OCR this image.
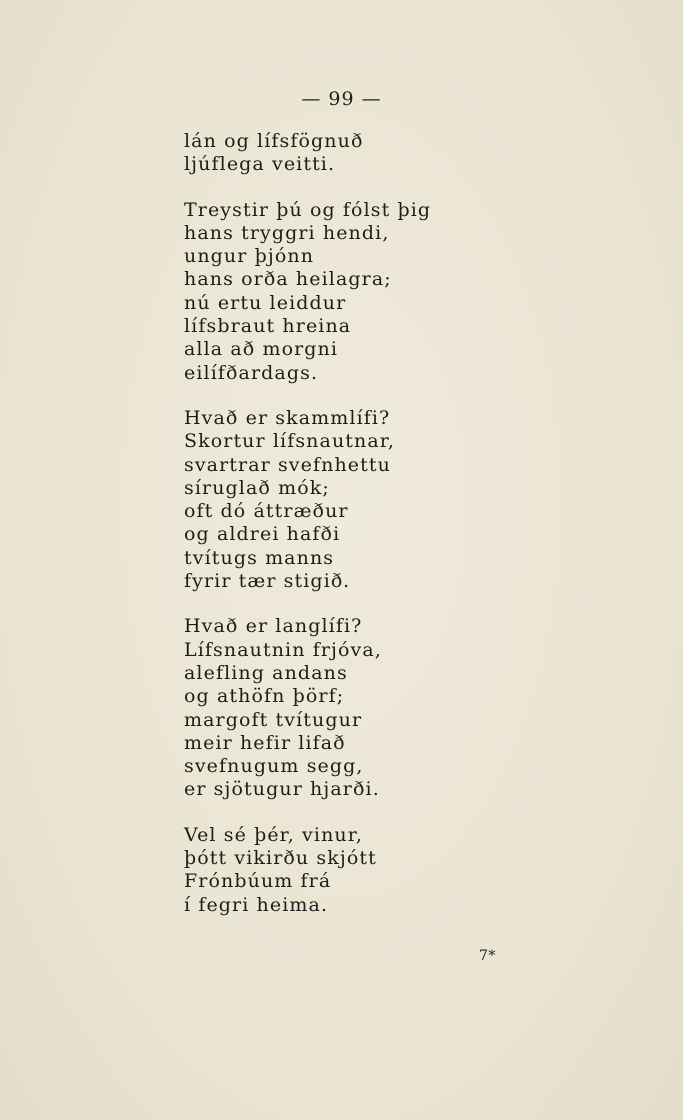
— 99 —
lán og lífsfögnuð
ljúflega veitti.
Treystir þú og fólst þig
hans tryggri hendi,
ungur þjónn
hans orða heilagra;
nú ertu leiddur
lífsbraut hreina
alla að morgni
eilífðardags.
Hvað er skammlífi?
Skortur lífsnautnar,
svartrar svefnhettu
síruglað mók;
oft dó áttræður
og aldrei hafði
tvítugs manns
fyrir tær stigið.
Hvað er langlífi?
Lífsnautnin frjóva,
alefling andans
og athöfn þörf;
margoft tvítugur
meir hefir lifað
svefnugum segg,
er sjötugur hjarði.
Vel sé þér, vinur,
þótt vikirðu skjótt
Frónbúum frá
í fegri heima.
7*
